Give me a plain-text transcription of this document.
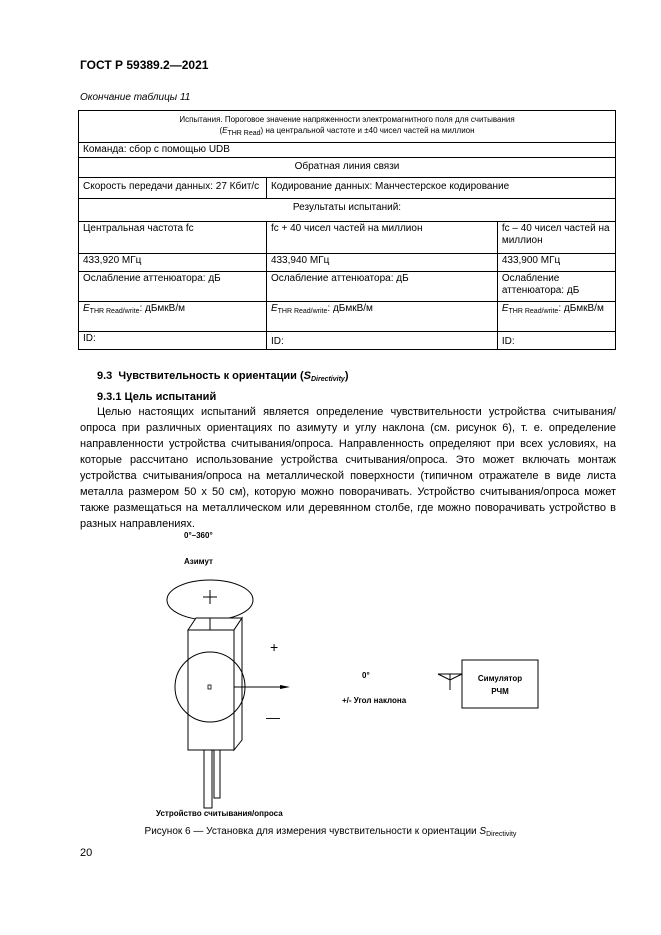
ГОСТ Р 59389.2—2021
Окончание таблицы 11
Испытания. Пороговое значение напряженности электромагнитного поля для считывания
$(E_{THR Read})$ на центральной частоте и ±40 чисел частей на миллион		
Команда: сбор с помощью UDB		
Обратная линия связи		
Скорость передачи данных: 27 Кбит/с	Кодирование данных: Манчестерское кодирование	
Результаты испытаний:		
Центральная частота fc	fc + 40 чисел частей на миллион	fc – 40 чисел частей на миллион
433,920 МГц	433,940 МГц	433,900 МГц
Ослабление аттенюатора: дБ	Ослабление аттенюатора: дБ	Ослабление аттенюатора: дБ
$E_{THR Read/write}$: дБмкВ/м	$E_{THR Read/write}$: дБмкВ/м	$E_{THR Read/write}$: дБмкВ/м
ID:	ID:	ID:
9.3 Чувствительность к ориентации $(S_{Directivity})$
9.3.1 Цель испытаний

Целью настоящих испытаний является определение чувствительности устройства считывания/опроса при различных ориентациях по азимуту и углу наклона (см. рисунок 6), т. е. определение направленности устройства считывания/опроса. Направленность определяют при всех условиях, на которые рассчитано использование устройства считывания/опроса. Это может включать монтаж устройства считывания/опроса на металлической поверхности (типичном отражателе в виде листа металла размером 50 х 50 см), которую можно поворачивать. Устройство считывания/опроса может также размещаться на металлическом или деревянном столбе, где можно поворачивать устройство в разных направлениях.

0°–360°
Азимут
+
—
0°
+/- Угол наклона
Симулятор
РЧМ
Устройство считывания/опроса
Рисунок 6 — Установка для измерения чувствительности к ориентации $S_{Directivity}$
20
